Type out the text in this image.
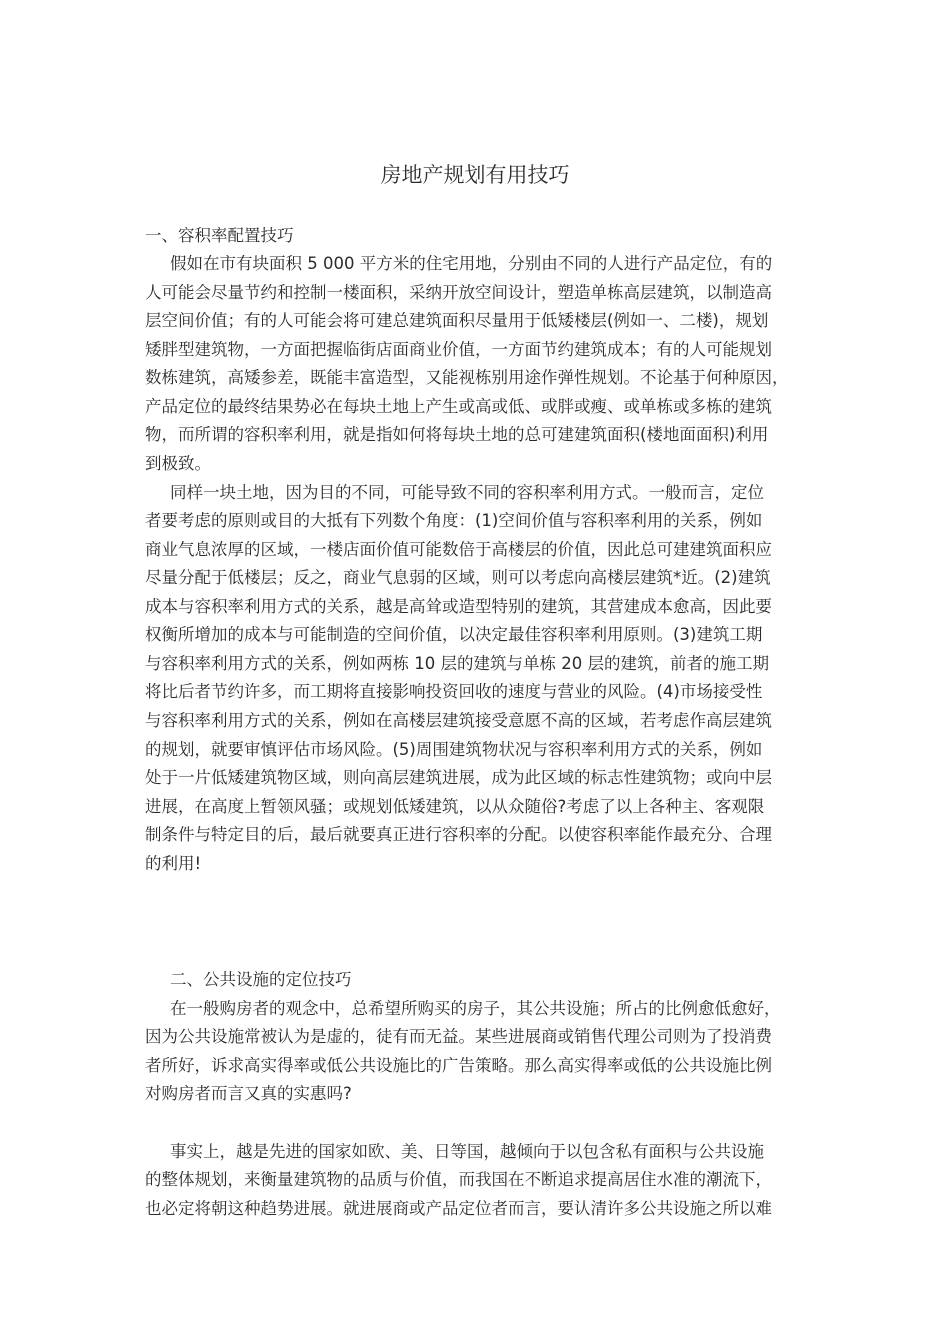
房地产规划有用技巧
一、容积率配置技巧
假如在市有块面积 5 000 平方米的住宅用地，分别由不同的人进行产品定位，有的
人可能会尽量节约和控制一楼面积，采纳开放空间设计，塑造单栋高层建筑，以制造高
层空间价值；有的人可能会将可建总建筑面积尽量用于低矮楼层(例如一、二楼)，规划
矮胖型建筑物，一方面把握临街店面商业价值，一方面节约建筑成本；有的人可能规划
数栋建筑，高矮参差，既能丰富造型，又能视栋别用途作弹性规划。不论基于何种原因，
产品定位的最终结果势必在每块土地上产生或高或低、或胖或瘦、或单栋或多栋的建筑
物，而所谓的容积率利用，就是指如何将每块土地的总可建建筑面积(楼地面面积)利用
到极致。
同样一块土地，因为目的不同，可能导致不同的容积率利用方式。一般而言，定位
者要考虑的原则或目的大抵有下列数个角度：(1)空间价值与容积率利用的关系，例如
商业气息浓厚的区域，一楼店面价值可能数倍于高楼层的价值，因此总可建建筑面积应
尽量分配于低楼层；反之，商业气息弱的区域，则可以考虑向高楼层建筑*近。(2)建筑
成本与容积率利用方式的关系，越是高耸或造型特别的建筑，其营建成本愈高，因此要
权衡所增加的成本与可能制造的空间价值，以决定最佳容积率利用原则。(3)建筑工期
与容积率利用方式的关系，例如两栋 10 层的建筑与单栋 20 层的建筑，前者的施工期
将比后者节约许多，而工期将直接影响投资回收的速度与营业的风险。(4)市场接受性
与容积率利用方式的关系，例如在高楼层建筑接受意愿不高的区域，若考虑作高层建筑
的规划，就要审慎评估市场风险。(5)周围建筑物状况与容积率利用方式的关系，例如
处于一片低矮建筑物区域，则向高层建筑进展，成为此区域的标志性建筑物；或向中层
进展，在高度上暂领风骚；或规划低矮建筑，以从众随俗?考虑了以上各种主、客观限
制条件与特定目的后，最后就要真正进行容积率的分配。以使容积率能作最充分、合理
的利用!
二、公共设施的定位技巧
在一般购房者的观念中，总希望所购买的房子，其公共设施；所占的比例愈低愈好，
因为公共设施常被认为是虚的，徒有而无益。某些进展商或销售代理公司则为了投消费
者所好，诉求高实得率或低公共设施比的广告策略。那么高实得率或低的公共设施比例
对购房者而言又真的实惠吗?
事实上，越是先进的国家如欧、美、日等国，越倾向于以包含私有面积与公共设施
的整体规划，来衡量建筑物的品质与价值，而我国在不断追求提高居住水准的潮流下，
也必定将朝这种趋势进展。就进展商或产品定位者而言，要认清许多公共设施之所以难
